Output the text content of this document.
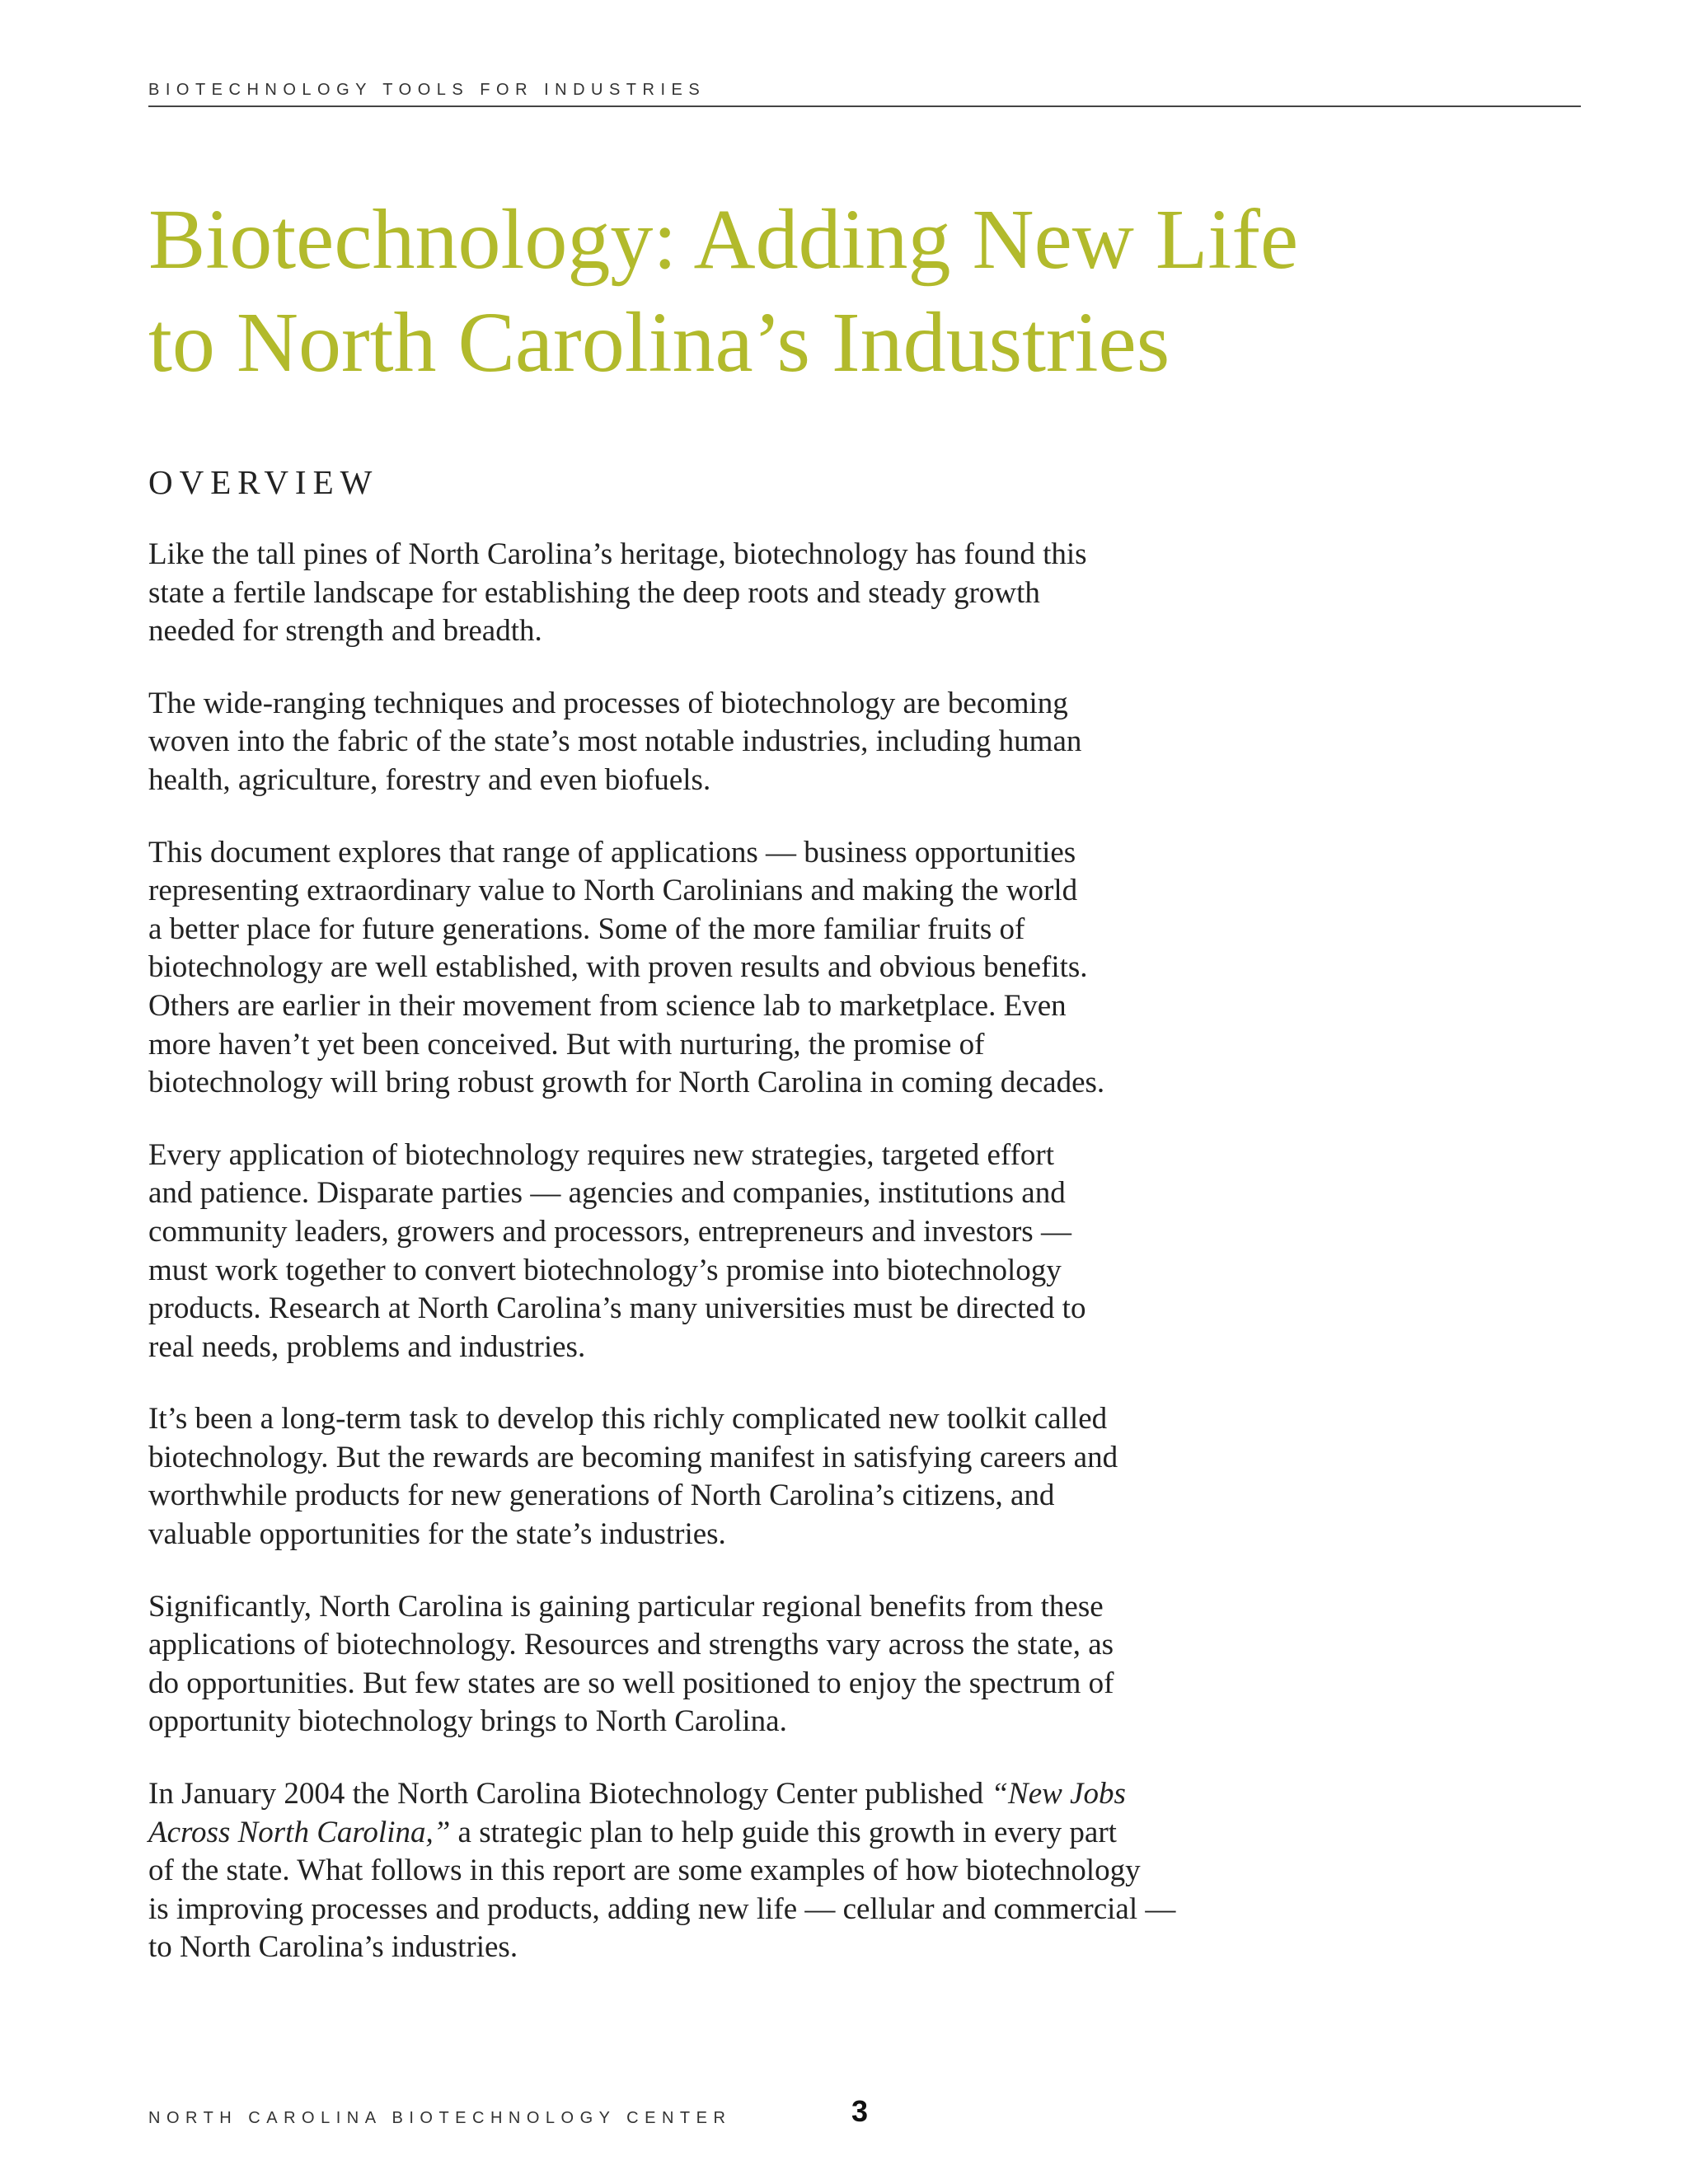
BIOTECHNOLOGY TOOLS FOR INDUSTRIES
Biotechnology: Adding New Life
to North Carolina’s Industries
OVERVIEW

Like the tall pines of North Carolina’s heritage, biotechnology has found this
state a fertile landscape for establishing the deep roots and steady growth
needed for strength and breadth.

The wide-ranging techniques and processes of biotechnology are becoming
woven into the fabric of the state’s most notable industries, including human
health, agriculture, forestry and even biofuels.

This document explores that range of applications — business opportunities
representing extraordinary value to North Carolinians and making the world
a better place for future generations. Some of the more familiar fruits of
biotechnology are well established, with proven results and obvious benefits.
Others are earlier in their movement from science lab to marketplace. Even
more haven’t yet been conceived. But with nurturing, the promise of
biotechnology will bring robust growth for North Carolina in coming decades.

Every application of biotechnology requires new strategies, targeted effort
and patience. Disparate parties — agencies and companies, institutions and
community leaders, growers and processors, entrepreneurs and investors —
must work together to convert biotechnology’s promise into biotechnology
products. Research at North Carolina’s many universities must be directed to
real needs, problems and industries.

It’s been a long-term task to develop this richly complicated new toolkit called
biotechnology. But the rewards are becoming manifest in satisfying careers and
worthwhile products for new generations of North Carolina’s citizens, and
valuable opportunities for the state’s industries.

Significantly, North Carolina is gaining particular regional benefits from these
applications of biotechnology. Resources and strengths vary across the state, as
do opportunities. But few states are so well positioned to enjoy the spectrum of
opportunity biotechnology brings to North Carolina.

In January 2004 the North Carolina Biotechnology Center published “New Jobs
Across North Carolina,” a strategic plan to help guide this growth in every part
of the state. What follows in this report are some examples of how biotechnology
is improving processes and products, adding new life — cellular and commercial —
to North Carolina’s industries.

NORTH CAROLINA BIOTECHNOLOGY CENTER	3
